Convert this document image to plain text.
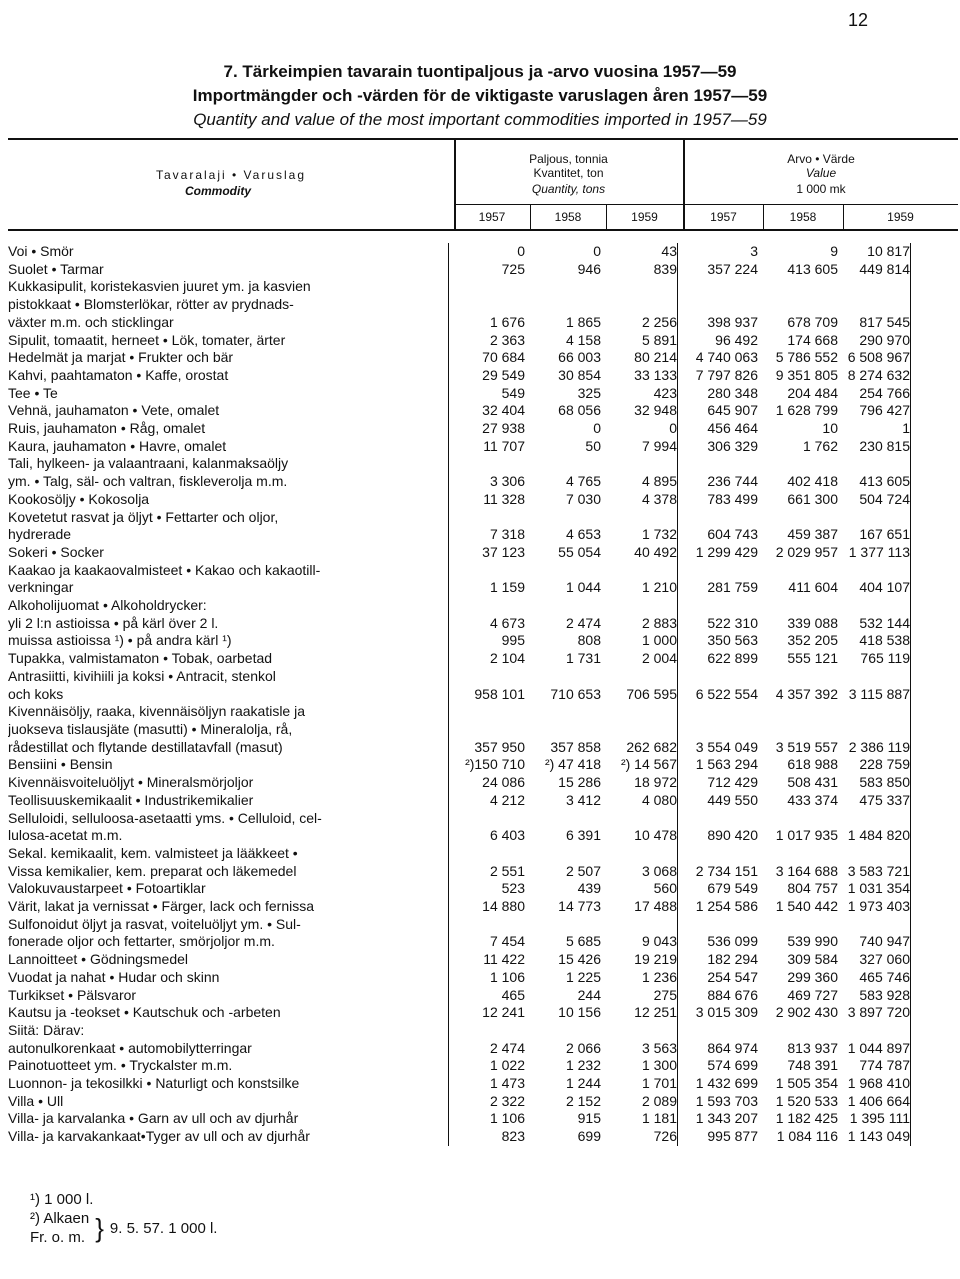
12
7. Tärkeimpien tavarain tuontipaljous ja -arvo vuosina 1957—59
Importmängder och -värden för de viktigaste varuslagen åren 1957—59
Quantity and value of the most important commodities imported in 1957—59
Tavaralaji • Varuslag
Commodity
Paljous, tonnia
Kvantitet, ton
Quantity, tons
Arvo • Värde
Value
1 000 mk
1957	1958	1959	1957	1958	1959
Voi • Smör	0	0	43	3	9	10 817
Suolet • Tarmar	725	946	839	357 224	413 605	449 814
Kukkasipulit, koristekasvien juuret ym. ja kasvien						
pistokkaat • Blomsterlökar, rötter av prydnads-						
växter m.m. och sticklingar	1 676	1 865	2 256	398 937	678 709	817 545
Sipulit, tomaatit, herneet • Lök, tomater, ärter	2 363	4 158	5 891	96 492	174 668	290 970
Hedelmät ja marjat • Frukter och bär	70 684	66 003	80 214	4 740 063	5 786 552	6 508 967
Kahvi, paahtamaton • Kaffe, orostat	29 549	30 854	33 133	7 797 826	9 351 805	8 274 632
Tee • Te	549	325	423	280 348	204 484	254 766
Vehnä, jauhamaton • Vete, omalet	32 404	68 056	32 948	645 907	1 628 799	796 427
Ruis, jauhamaton • Råg, omalet	27 938	0	0	456 464	10	1
Kaura, jauhamaton • Havre, omalet	11 707	50	7 994	306 329	1 762	230 815
Tali, hylkeen- ja valaantraani, kalanmaksaöljy						
ym. • Talg, säl- och valtran, fiskleverolja m.m.	3 306	4 765	4 895	236 744	402 418	413 605
Kookosöljy • Kokosolja	11 328	7 030	4 378	783 499	661 300	504 724
Kovetetut rasvat ja öljyt • Fettarter och oljor,						
hydrerade	7 318	4 653	1 732	604 743	459 387	167 651
Sokeri • Socker	37 123	55 054	40 492	1 299 429	2 029 957	1 377 113
Kaakao ja kaakaovalmisteet • Kakao och kakaotill-						
verkningar	1 159	1 044	1 210	281 759	411 604	404 107
Alkoholijuomat • Alkoholdrycker:						
yli 2 l:n astioissa • på kärl över 2 l.	4 673	2 474	2 883	522 310	339 088	532 144
muissa astioissa ¹) • på andra kärl ¹)	995	808	1 000	350 563	352 205	418 538
Tupakka, valmistamaton • Tobak, oarbetad	2 104	1 731	2 004	622 899	555 121	765 119
Antrasiitti, kivihiili ja koksi • Antracit, stenkol						
och koks	958 101	710 653	706 595	6 522 554	4 357 392	3 115 887
Kivennäisöljy, raaka, kivennäisöljyn raakatisle ja						
juokseva tislausjäte (masutti) • Mineralolja, rå,						
rådestillat och flytande destillatavfall (masut)	357 950	357 858	262 682	3 554 049	3 519 557	2 386 119
Bensiini • Bensin	²)150 710	²) 47 418	²) 14 567	1 563 294	618 988	228 759
Kivennäisvoiteluöljyt • Mineralsmörjoljor	24 086	15 286	18 972	712 429	508 431	583 850
Teollisuuskemikaalit • Industrikemikalier	4 212	3 412	4 080	449 550	433 374	475 337
Selluloidi, selluloosa-asetaatti yms. • Celluloid, cel-						
lulosa-acetat m.m.	6 403	6 391	10 478	890 420	1 017 935	1 484 820
Sekal. kemikaalit, kem. valmisteet ja lääkkeet •						
Vissa kemikalier, kem. preparat och läkemedel	2 551	2 507	3 068	2 734 151	3 164 688	3 583 721
Valokuvaustarpeet • Fotoartiklar	523	439	560	679 549	804 757	1 031 354
Värit, lakat ja vernissat • Färger, lack och fernissa	14 880	14 773	17 488	1 254 586	1 540 442	1 973 403
Sulfonoidut öljyt ja rasvat, voiteluöljyt ym. • Sul-						
fonerade oljor och fettarter, smörjoljor m.m.	7 454	5 685	9 043	536 099	539 990	740 947
Lannoitteet • Gödningsmedel	11 422	15 426	19 219	182 294	309 584	327 060
Vuodat ja nahat • Hudar och skinn	1 106	1 225	1 236	254 547	299 360	465 746
Turkikset • Pälsvaror	465	244	275	884 676	469 727	583 928
Kautsu ja -teokset • Kautschuk och -arbeten	12 241	10 156	12 251	3 015 309	2 902 430	3 897 720
Siitä: Därav:						
autonulkorenkaat • automobilytterringar	2 474	2 066	3 563	864 974	813 937	1 044 897
Painotuotteet ym. • Tryckalster m.m.	1 022	1 232	1 300	574 699	748 391	774 787
Luonnon- ja tekosilkki • Naturligt och konstsilke	1 473	1 244	1 701	1 432 699	1 505 354	1 968 410
Villa • Ull	2 322	2 152	2 089	1 593 703	1 520 533	1 406 664
Villa- ja karvalanka • Garn av ull och av djurhår	1 106	915	1 181	1 343 207	1 182 425	1 395 111
Villa- ja karvakankaat•Tyger av ull och av djurhår	823	699	726	995 877	1 084 116	1 143 049
¹) 1 000 l.
²) Alkaen
Fr. o. m. } 9. 5. 57. 1 000 l.
